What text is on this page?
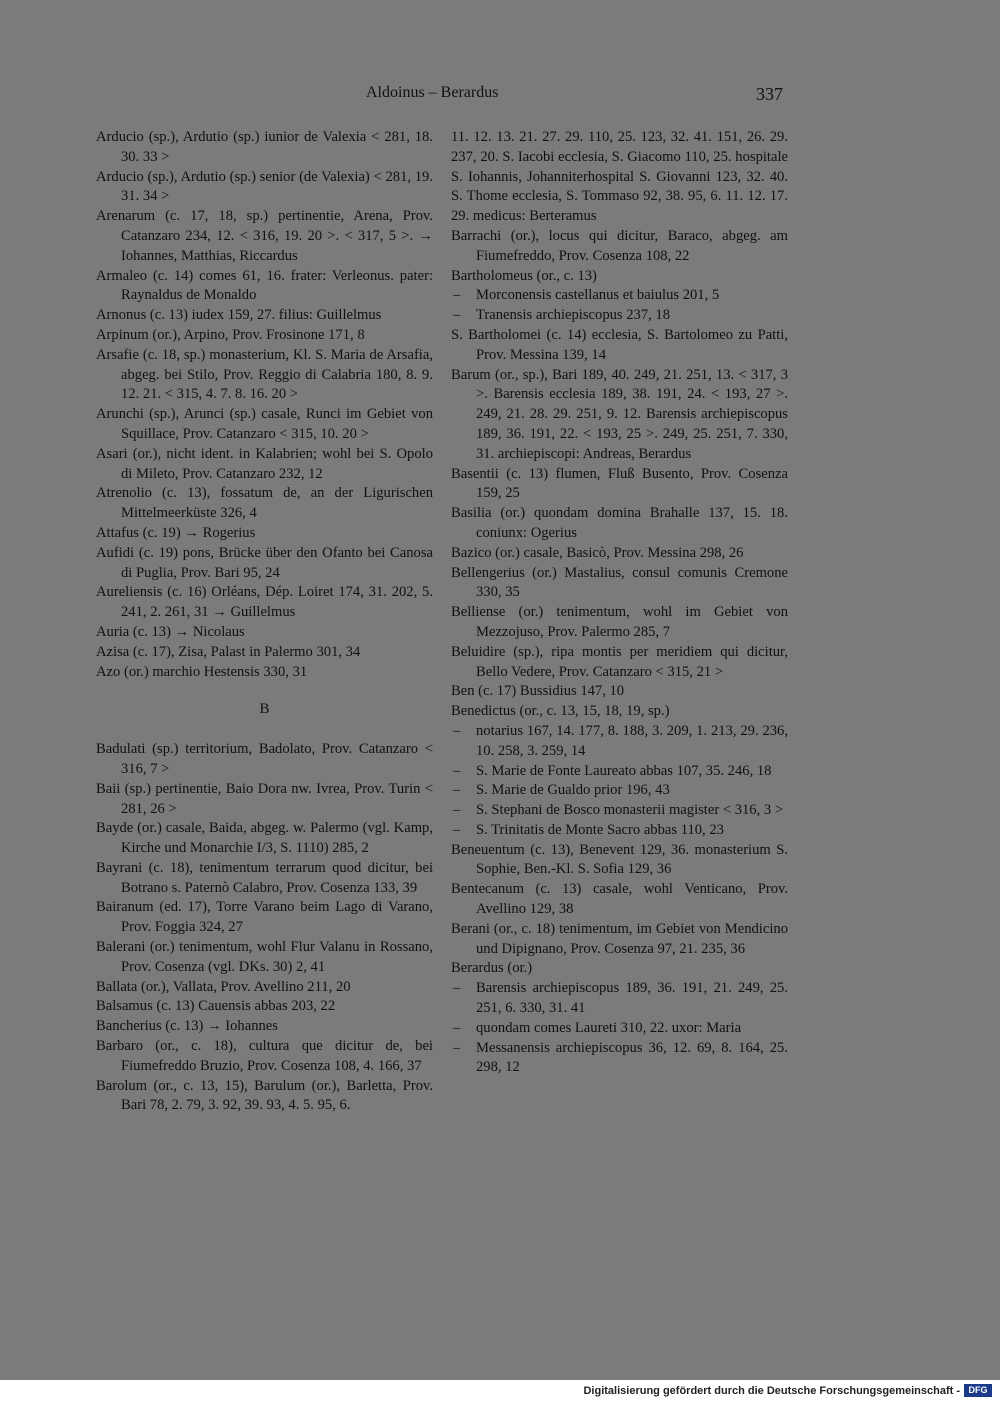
Aldoinus – Berardus	337
Arducio (sp.), Ardutio (sp.) iunior de Valexia < 281, 18. 30. 33 >
Arducio (sp.), Ardutio (sp.) senior (de Valexia) < 281, 19. 31. 34 >
Arenarum (c. 17, 18, sp.) pertinentie, Arena, Prov. Catanzaro 234, 12. < 316, 19. 20 >. < 317, 5 >. → Iohannes, Matthias, Riccardus
Armaleo (c. 14) comes 61, 16. frater: Verleonus. pater: Raynaldus de Monaldo
Arnonus (c. 13) iudex 159, 27. filius: Guillelmus
Arpinum (or.), Arpino, Prov. Frosinone 171, 8
Arsafie (c. 18, sp.) monasterium, Kl. S. Maria de Arsafia, abgeg. bei Stilo, Prov. Reggio di Calabria 180, 8. 9. 12. 21. < 315, 4. 7. 8. 16. 20 >
Arunchi (sp.), Arunci (sp.) casale, Runci im Gebiet von Squillace, Prov. Catanzaro < 315, 10. 20 >
Asari (or.), nicht ident. in Kalabrien; wohl bei S. Opolo di Mileto, Prov. Catanzaro 232, 12
Atrenolio (c. 13), fossatum de, an der Ligurischen Mittelmeerküste 326, 4
Attafus (c. 19) → Rogerius
Aufidi (c. 19) pons, Brücke über den Ofanto bei Canosa di Puglia, Prov. Bari 95, 24
Aureliensis (c. 16) Orléans, Dép. Loiret 174, 31. 202, 5. 241, 2. 261, 31 → Guillelmus
Auria (c. 13) → Nicolaus
Azisa (c. 17), Zisa, Palast in Palermo 301, 34
Azo (or.) marchio Hestensis 330, 31
B
Badulati (sp.) territorium, Badolato, Prov. Catanzaro < 316, 7 >
Baii (sp.) pertinentie, Baio Dora nw. Ivrea, Prov. Turin < 281, 26 >
Bayde (or.) casale, Baida, abgeg. w. Palermo (vgl. Kamp, Kirche und Monarchie I/3, S. 1110) 285, 2
Bayrani (c. 18), tenimentum terrarum quod dicitur, bei Botrano s. Paternò Calabro, Prov. Cosenza 133, 39
Bairanum (ed. 17), Torre Varano beim Lago di Varano, Prov. Foggia 324, 27
Balerani (or.) tenimentum, wohl Flur Valanu in Rossano, Prov. Cosenza (vgl. DKs. 30) 2, 41
Ballata (or.), Vallata, Prov. Avellino 211, 20
Balsamus (c. 13) Cauensis abbas 203, 22
Bancherius (c. 13) → Iohannes
Barbaro (or., c. 18), cultura que dicitur de, bei Fiumefreddo Bruzio, Prov. Cosenza 108, 4. 166, 37
Barolum (or., c. 13, 15), Barulum (or.), Barletta, Prov. Bari 78, 2. 79, 3. 92, 39. 93, 4. 5. 95, 6.
11. 12. 13. 21. 27. 29. 110, 25. 123, 32. 41. 151, 26. 29. 237, 20. S. Iacobi ecclesia, S. Giacomo 110, 25. hospitale S. Iohannis, Johanniterhospital S. Giovanni 123, 32. 40. S. Thome ecclesia, S. Tommaso 92, 38. 95, 6. 11. 12. 17. 29. medicus: Berteramus
Barrachi (or.), locus qui dicitur, Baraco, abgeg. am Fiumefreddo, Prov. Cosenza 108, 22
Bartholomeus (or., c. 13)
– Morconensis castellanus et baiulus 201, 5
– Tranensis archiepiscopus 237, 18
S. Bartholomei (c. 14) ecclesia, S. Bartolomeo zu Patti, Prov. Messina 139, 14
Barum (or., sp.), Bari 189, 40. 249, 21. 251, 13. < 317, 3 >. Barensis ecclesia 189, 38. 191, 24. < 193, 27 >. 249, 21. 28. 29. 251, 9. 12. Barensis archiepiscopus 189, 36. 191, 22. < 193, 25 >. 249, 25. 251, 7. 330, 31. archiepiscopi: Andreas, Berardus
Basentii (c. 13) flumen, Fluß Busento, Prov. Cosenza 159, 25
Basilia (or.) quondam domina Brahalle 137, 15. 18. coniunx: Ogerius
Bazico (or.) casale, Basicò, Prov. Messina 298, 26
Bellengerius (or.) Mastalius, consul comunis Cremone 330, 35
Belliense (or.) tenimentum, wohl im Gebiet von Mezzojuso, Prov. Palermo 285, 7
Beluidire (sp.), ripa montis per meridiem qui dicitur, Bello Vedere, Prov. Catanzaro < 315, 21 >
Ben (c. 17) Bussidius 147, 10
Benedictus (or., c. 13, 15, 18, 19, sp.)
– notarius 167, 14. 177, 8. 188, 3. 209, 1. 213, 29. 236, 10. 258, 3. 259, 14
– S. Marie de Fonte Laureato abbas 107, 35. 246, 18
– S. Marie de Gualdo prior 196, 43
– S. Stephani de Bosco monasterii magister < 316, 3 >
– S. Trinitatis de Monte Sacro abbas 110, 23
Beneuentum (c. 13), Benevent 129, 36. monasterium S. Sophie, Ben.-Kl. S. Sofia 129, 36
Bentecanum (c. 13) casale, wohl Venticano, Prov. Avellino 129, 38
Berani (or., c. 18) tenimentum, im Gebiet von Mendicino und Dipignano, Prov. Cosenza 97, 21. 235, 36
Berardus (or.)
– Barensis archiepiscopus 189, 36. 191, 21. 249, 25. 251, 6. 330, 31. 41
– quondam comes Laureti 310, 22. uxor: Maria
– Messanensis archiepiscopus 36, 12. 69, 8. 164, 25. 298, 12
Digitalisierung gefördert durch die Deutsche Forschungsgemeinschaft - DFG
